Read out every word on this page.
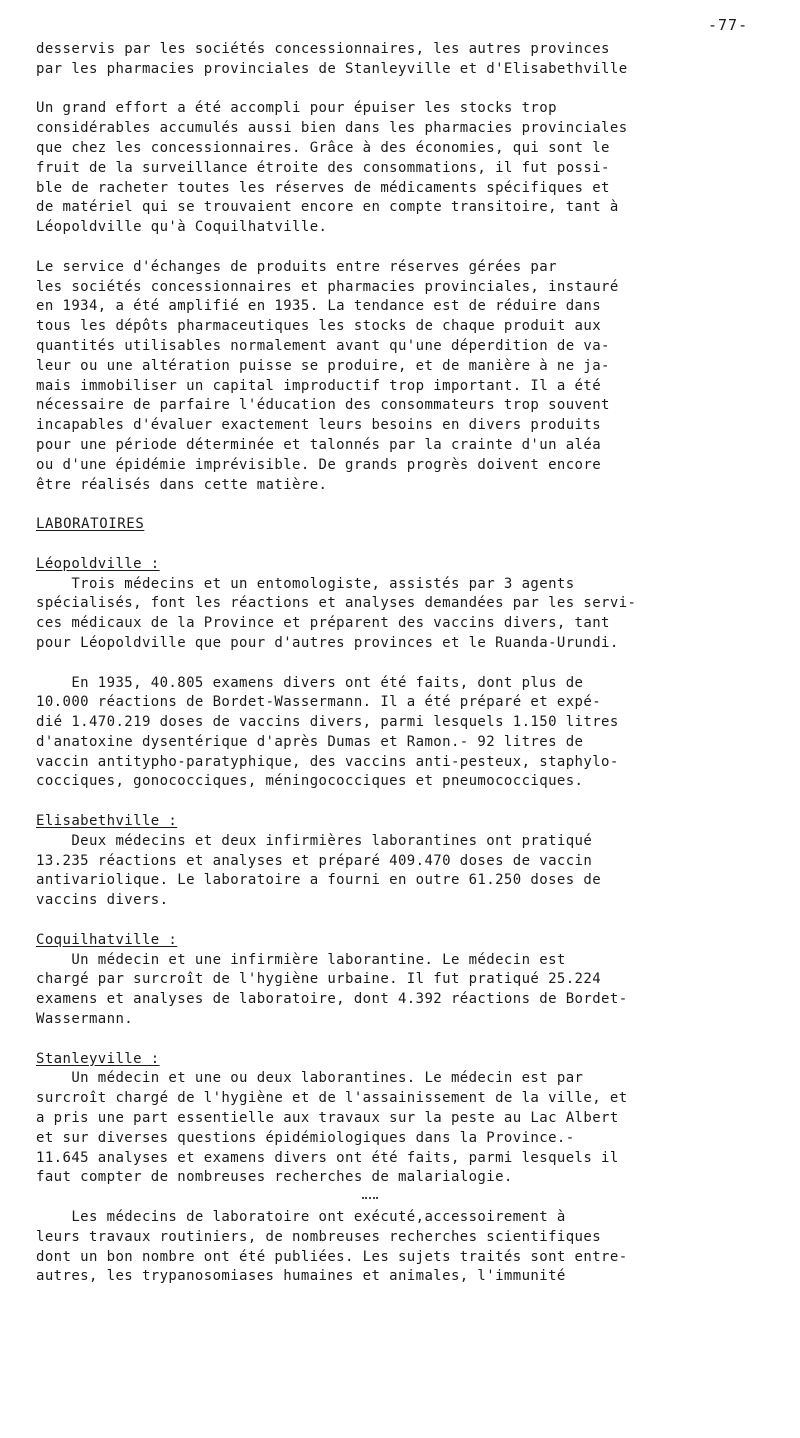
-77-
desservis par les sociétés concessionnaires, les autres provinces
par les pharmacies provinciales de Stanleyville et d'Elisabethville
Un grand effort a été accompli pour épuiser les stocks trop
considérables accumulés aussi bien dans les pharmacies provinciales
que chez les concessionnaires. Grâce à des économies, qui sont le
fruit de la surveillance étroite des consommations, il fut possi-
ble de racheter toutes les réserves de médicaments spécifiques et
de matériel qui se trouvaient encore en compte transitoire, tant à
Léopoldville qu'à Coquilhatville.
Le service d'échanges de produits entre réserves gérées par
les sociétés concessionnaires et pharmacies provinciales, instauré
en 1934, a été amplifié en 1935. La tendance est de réduire dans
tous les dépôts pharmaceutiques les stocks de chaque produit aux
quantités utilisables normalement avant qu'une déperdition de va-
leur ou une altération puisse se produire, et de manière à ne ja-
mais immobiliser un capital improductif trop important. Il a été
nécessaire de parfaire l'éducation des consommateurs trop souvent
incapables d'évaluer exactement leurs besoins en divers produits
pour une période déterminée et talonnés par la crainte d'un aléa
ou d'une épidémie imprévisible. De grands progrès doivent encore
être réalisés dans cette matière.
LABORATOIRES
Léopoldville :
Trois médecins et un entomologiste, assistés par 3 agents
spécialisés, font les réactions et analyses demandées par les servi-
ces médicaux de la Province et préparent des vaccins divers, tant
pour Léopoldville que pour d'autres provinces et le Ruanda-Urundi.
En 1935, 40.805 examens divers ont été faits, dont plus de
10.000 réactions de Bordet-Wassermann. Il a été préparé et expé-
dié 1.470.219 doses de vaccins divers, parmi lesquels 1.150 litres
d'anatoxine dysentérique d'après Dumas et Ramon.- 92 litres de
vaccin antitypho-paratyphique, des vaccins anti-pesteux, staphylo-
cocciques, gonococciques, méningococciques et pneumococciques.
Elisabethville :
Deux médecins et deux infirmières laborantines ont pratiqué
13.235 réactions et analyses et préparé 409.470 doses de vaccin
antivariolique. Le laboratoire a fourni en outre 61.250 doses de
vaccins divers.
Coquilhatville :
Un médecin et une infirmière laborantine. Le médecin est
chargé par surcroît de l'hygiène urbaine. Il fut pratiqué 25.224
examens et analyses de laboratoire, dont 4.392 réactions de Bordet-
Wassermann.
Stanleyville :
Un médecin et une ou deux laborantines. Le médecin est par
surcroît chargé de l'hygiène et de l'assainissement de la ville, et
a pris une part essentielle aux travaux sur la peste au Lac Albert
et sur diverses questions épidémiologiques dans la Province.-
11.645 analyses et examens divers ont été faits, parmi lesquels il
faut compter de nombreuses recherches de malarialogie.
Les médecins de laboratoire ont exécuté,accessoirement à
leurs travaux routiniers, de nombreuses recherches scientifiques
dont un bon nombre ont été publiées. Les sujets traités sont entre-
autres, les trypanosomiases humaines et animales, l'immunité
